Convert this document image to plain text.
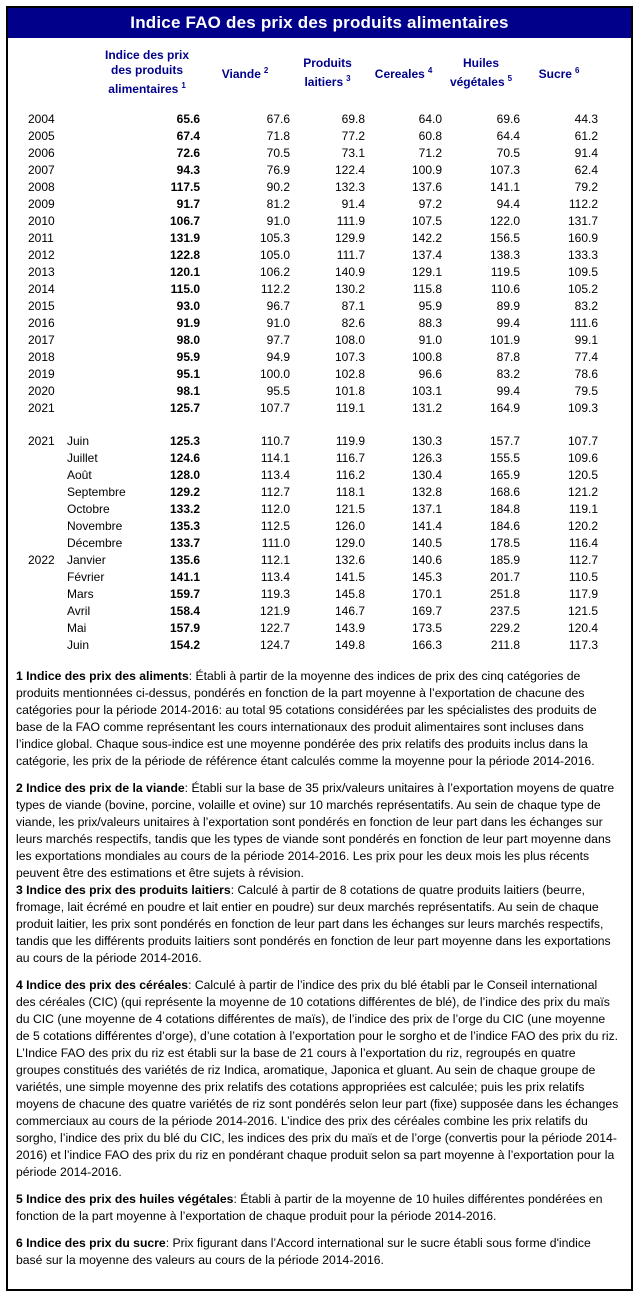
Indice FAO des prix des produits alimentaires
Indice des prix des produits alimentaires $^1$			Viande $^2$	Produits laitiers $^3$	Cereales $^4$	Huiles végétales $^5$	Sucre $^6$
2004		65.6	67.6	69.8	64.0	69.6	44.3
2005		67.4	71.8	77.2	60.8	64.4	61.2
2006		72.6	70.5	73.1	71.2	70.5	91.4
2007		94.3	76.9	122.4	100.9	107.3	62.4
2008		117.5	90.2	132.3	137.6	141.1	79.2
2009		91.7	81.2	91.4	97.2	94.4	112.2
2010		106.7	91.0	111.9	107.5	122.0	131.7
2011		131.9	105.3	129.9	142.2	156.5	160.9
2012		122.8	105.0	111.7	137.4	138.3	133.3
2013		120.1	106.2	140.9	129.1	119.5	109.5
2014		115.0	112.2	130.2	115.8	110.6	105.2
2015		93.0	96.7	87.1	95.9	89.9	83.2
2016		91.9	91.0	82.6	88.3	99.4	111.6
2017		98.0	97.7	108.0	91.0	101.9	99.1
2018		95.9	94.9	107.3	100.8	87.8	77.4
2019		95.1	100.0	102.8	96.6	83.2	78.6
2020		98.1	95.5	101.8	103.1	99.4	79.5
2021		125.7	107.7	119.1	131.2	164.9	109.3

2021	Juin	125.3	110.7	119.9	130.3	157.7	107.7
	Juillet	124.6	114.1	116.7	126.3	155.5	109.6
	Août	128.0	113.4	116.2	130.4	165.9	120.5
	Septembre	129.2	112.7	118.1	132.8	168.6	121.2
	Octobre	133.2	112.0	121.5	137.1	184.8	119.1
	Novembre	135.3	112.5	126.0	141.4	184.6	120.2
	Décembre	133.7	111.0	129.0	140.5	178.5	116.4
2022	Janvier	135.6	112.1	132.6	140.6	185.9	112.7
	Février	141.1	113.4	141.5	145.3	201.7	110.5
	Mars	159.7	119.3	145.8	170.1	251.8	117.9
	Avril	158.4	121.9	146.7	169.7	237.5	121.5
	Mai	157.9	122.7	143.9	173.5	229.2	120.4
	Juin	154.2	124.7	149.8	166.3	211.8	117.3

1 Indice des prix des aliments: Établi à partir de la moyenne des indices de prix des cinq catégories de produits mentionnées ci-dessus, pondérés en fonction de la part moyenne à l’exportation de chacune des catégories pour la période 2014-2016: au total 95 cotations considérées par les spécialistes des produits de base de la FAO comme représentant les cours internationaux des produit alimentaires sont incluses dans l’indice global. Chaque sous-indice est une moyenne pondérée des prix relatifs des produits inclus dans la catégorie, les prix de la période de référence étant calculés comme la moyenne pour la période 2014-2016.

2 Indice des prix de la viande: Établi sur la base de 35 prix/valeurs unitaires à l’exportation moyens de quatre types de viande (bovine, porcine, volaille et ovine) sur 10 marchés représentatifs. Au sein de chaque type de viande, les prix/valeurs unitaires à l’exportation sont pondérés en fonction de leur part dans les échanges sur leurs marchés respectifs, tandis que les types de viande sont pondérés en fonction de leur part moyenne dans les exportations mondiales au cours de la période 2014-2016. Les prix pour les deux mois les plus récents peuvent être des estimations et être sujets à révision.

3 Indice des prix des produits laitiers: Calculé à partir de 8 cotations de quatre produits laitiers (beurre, fromage, lait écrémé en poudre et lait entier en poudre) sur deux marchés représentatifs. Au sein de chaque produit laitier, les prix sont pondérés en fonction de leur part dans les échanges sur leurs marchés respectifs, tandis que les différents produits laitiers sont pondérés en fonction de leur part moyenne dans les exportations au cours de la période 2014-2016.

4 Indice des prix des céréales: Calculé à partir de l’indice des prix du blé établi par le Conseil international des céréales (CIC) (qui représente la moyenne de 10 cotations différentes de blé), de l’indice des prix du maïs du CIC (une moyenne de 4 cotations différentes de maïs), de l’indice des prix de l’orge du CIC (une moyenne de 5 cotations différentes d’orge), d’une cotation à l’exportation pour le sorgho et de l’indice FAO des prix du riz. L’Indice FAO des prix du riz est établi sur la base de 21 cours à l’exportation du riz, regroupés en quatre groupes constitués des variétés de riz Indica, aromatique, Japonica et gluant. Au sein de chaque groupe de variétés, une simple moyenne des prix relatifs des cotations appropriées est calculée; puis les prix relatifs moyens de chacune des quatre variétés de riz sont pondérés selon leur part (fixe) supposée dans les échanges commerciaux au cours de la période 2014-2016. L’indice des prix des céréales combine les prix relatifs du sorgho, l’indice des prix du blé du CIC, les indices des prix du maïs et de l’orge (convertis pour la période 2014-2016) et l’indice FAO des prix du riz en pondérant chaque produit selon sa part moyenne à l’exportation pour la période 2014-2016.

5 Indice des prix des huiles végétales: Établi à partir de la moyenne de 10 huiles différentes pondérées en fonction de la part moyenne à l’exportation de chaque produit pour la période 2014-2016.

6 Indice des prix du sucre: Prix figurant dans l’Accord international sur le sucre établi sous forme d'indice basé sur la moyenne des valeurs au cours de la période 2014-2016.
